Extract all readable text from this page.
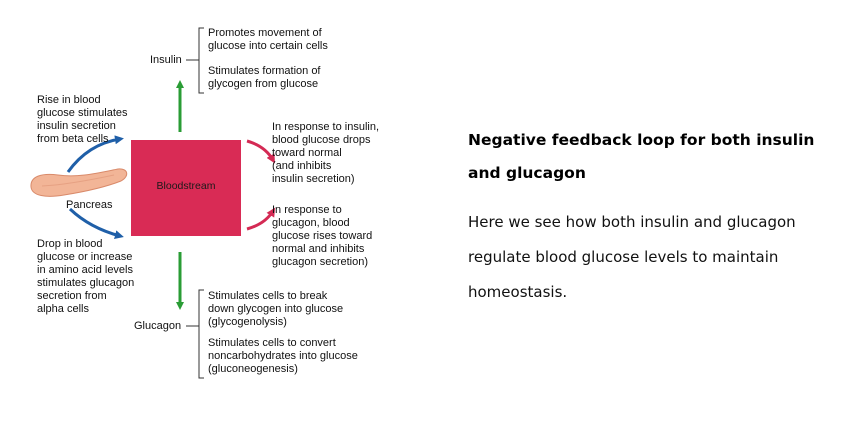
Insulin
Promotes movement of
glucose into certain cells
Stimulates formation of
glycogen from glucose
Rise in blood
glucose stimulates
insulin secretion
from beta cells
Pancreas
Drop in blood
glucose or increase
in amino acid levels
stimulates glucagon
secretion from
alpha cells
Bloodstream
In response to insulin,
blood glucose drops
toward normal
(and inhibits
insulin secretion)
In response to
glucagon, blood
glucose rises toward
normal and inhibits
glucagon secretion)
Glucagon
Stimulates cells to break
down glycogen into glucose
(glycogenolysis)
Stimulates cells to convert
noncarbohydrates into glucose
(gluconeogenesis)
Negative feedback loop for both insulin and glucagon
Here we see how both insulin and glucagon regulate blood glucose levels to maintain homeostasis.
